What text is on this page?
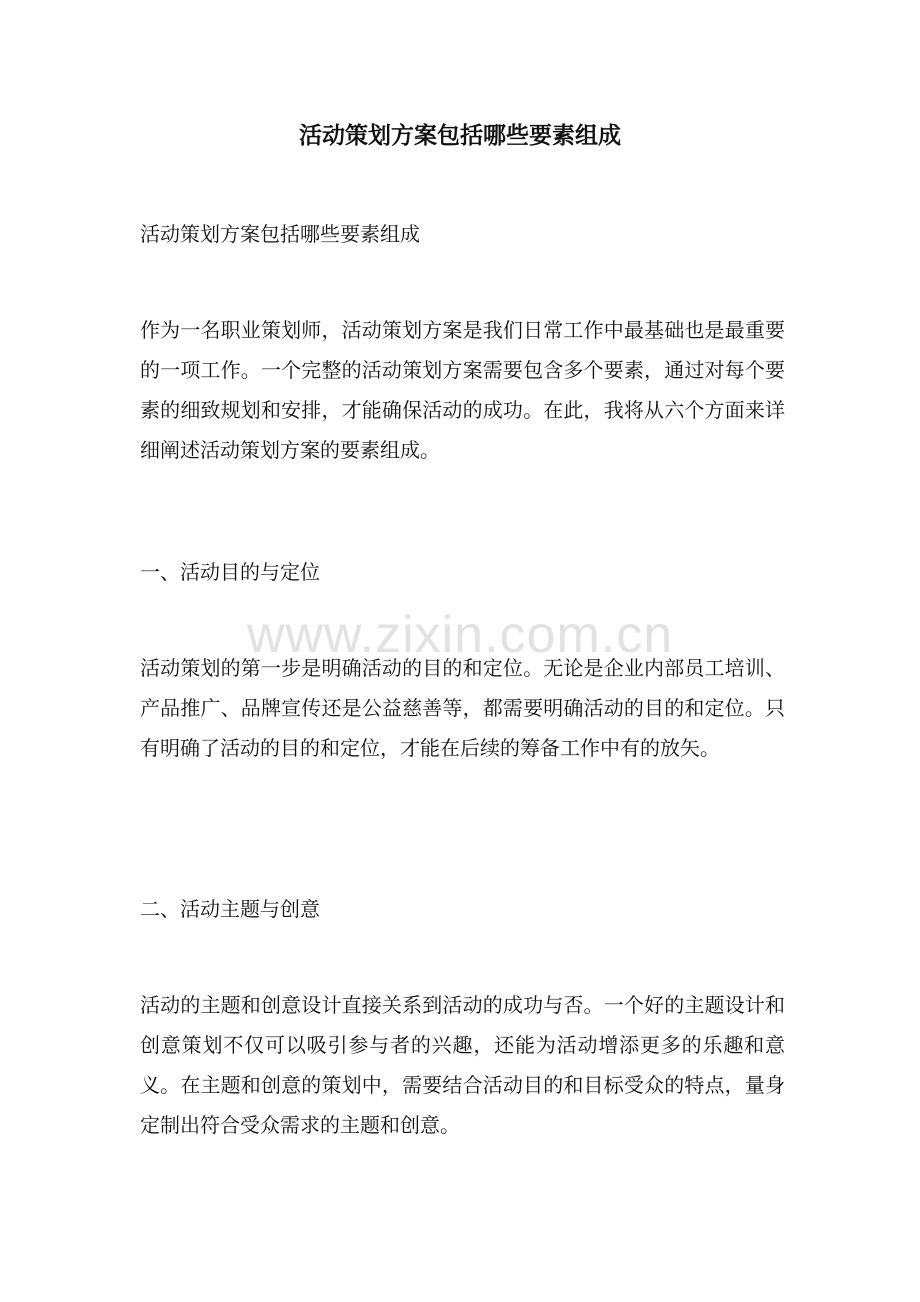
活动策划方案包括哪些要素组成
活动策划方案包括哪些要素组成
作为一名职业策划师，活动策划方案是我们日常工作中最基础也是最重要的一项工作。一个完整的活动策划方案需要包含多个要素，通过对每个要素的细致规划和安排，才能确保活动的成功。在此，我将从六个方面来详细阐述活动策划方案的要素组成。
一、活动目的与定位
活动策划的第一步是明确活动的目的和定位。无论是企业内部员工培训、产品推广、品牌宣传还是公益慈善等，都需要明确活动的目的和定位。只有明确了活动的目的和定位，才能在后续的筹备工作中有的放矢。
二、活动主题与创意
活动的主题和创意设计直接关系到活动的成功与否。一个好的主题设计和创意策划不仅可以吸引参与者的兴趣，还能为活动增添更多的乐趣和意义。在主题和创意的策划中，需要结合活动目的和目标受众的特点，量身定制出符合受众需求的主题和创意。
www.zixin.com.cn
